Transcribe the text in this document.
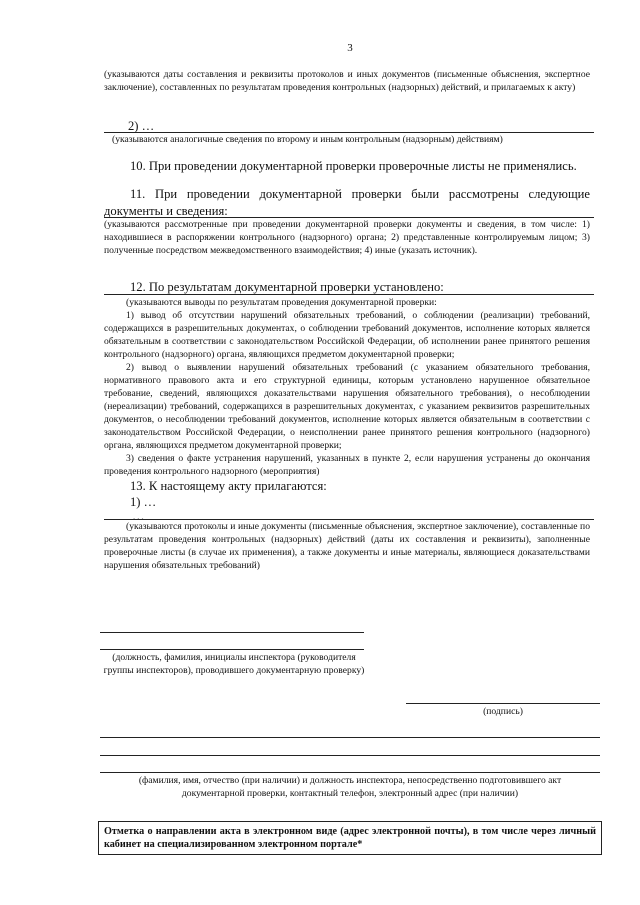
3
(указываются даты составления и реквизиты протоколов и иных документов (письменные объяснения, экспертное заключение), составленных по результатам проведения контрольных (надзорных) действий, и прилагаемых к акту)
2) …
(указываются аналогичные сведения по второму и иным контрольным (надзорным) действиям)
10. При проведении документарной проверки проверочные листы не применялись.
11. При проведении документарной проверки были рассмотрены следующие
документы и сведения:
(указываются рассмотренные при проведении документарной проверки документы и сведения, в том числе: 1) находившиеся в распоряжении контрольного (надзорного) органа; 2) представленные контролируемым лицом; 3) полученные посредством межведомственного взаимодействия; 4) иные (указать источник).
12. По результатам документарной проверки установлено:

(указываются выводы по результатам проведения документарной проверки:

1) вывод об отсутствии нарушений обязательных требований, о соблюдении (реализации) требований, содержащихся в разрешительных документах, о соблюдении требований документов, исполнение которых является обязательным в соответствии с законодательством Российской Федерации, об исполнении ранее принятого решения контрольного (надзорного) органа, являющихся предметом документарной проверки;

2) вывод о выявлении нарушений обязательных требований (с указанием обязательного требования, нормативного правового акта и его структурной единицы, которым установлено нарушенное обязательное требование, сведений, являющихся доказательствами нарушения обязательного требования), о несоблюдении (нереализации) требований, содержащихся в разрешительных документах, с указанием реквизитов разрешительных документов, о несоблюдении требований документов, исполнение которых является обязательным в соответствии с законодательством Российской Федерации, о неисполнении ранее принятого решения контрольного (надзорного) органа, являющихся предметом документарной проверки;

3) сведения о факте устранения нарушений, указанных в пункте 2, если нарушения устранены до окончания проведения контрольного надзорного (мероприятия)

13. К настоящему акту прилагаются:
1) …
…

(указываются протоколы и иные документы (письменные объяснения, экспертное заключение), составленные по результатам проведения контрольных (надзорных) действий (даты их составления и реквизиты), заполненные проверочные листы (в случае их применения), а также документы и иные материалы, являющиеся доказательствами нарушения обязательных требований)

(должность, фамилия, инициалы инспектора (руководителя группы инспекторов), проводившего документарную проверку)
(подпись)
(фамилия, имя, отчество (при наличии) и должность инспектора, непосредственно подготовившего акт документарной проверки, контактный телефон, электронный адрес (при наличии)
Отметка о направлении акта в электронном виде (адрес электронной почты), в том числе через личный кабинет на специализированном электронном портале*
